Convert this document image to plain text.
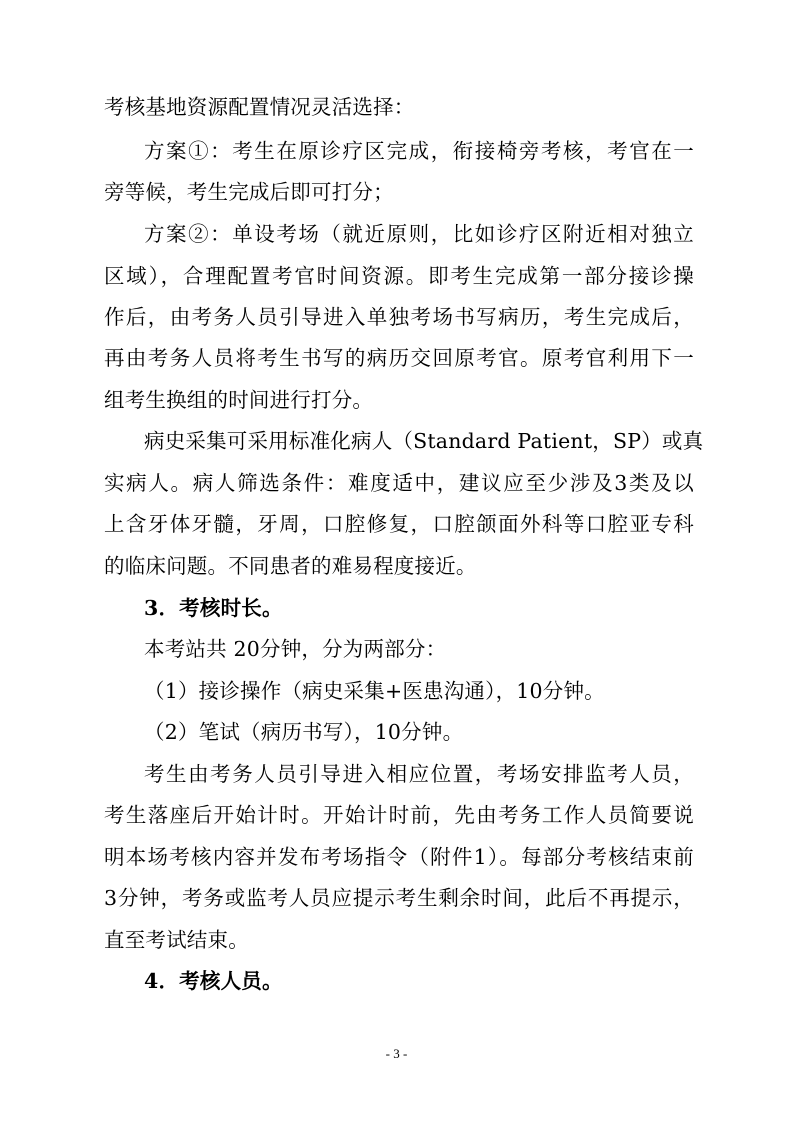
考核基地资源配置情况灵活选择：
方案①：考生在原诊疗区完成，衔接椅旁考核，考官在一
旁等候，考生完成后即可打分；
方案②：单设考场（就近原则，比如诊疗区附近相对独立
区域），合理配置考官时间资源。即考生完成第一部分接诊操
作后，由考务人员引导进入单独考场书写病历，考生完成后，
再由考务人员将考生书写的病历交回原考官。原考官利用下一
组考生换组的时间进行打分。
病史采集可采用标准化病人（Standard Patient，SP）或真
实病人。病人筛选条件：难度适中，建议应至少涉及3类及以
上含牙体牙髓，牙周，口腔修复，口腔颌面外科等口腔亚专科
的临床问题。不同患者的难易程度接近。
3．考核时长。
本考站共 20分钟，分为两部分：
（1）接诊操作（病史采集+医患沟通），10分钟。
（2）笔试（病历书写），10分钟。
考生由考务人员引导进入相应位置，考场安排监考人员，
考生落座后开始计时。开始计时前，先由考务工作人员简要说
明本场考核内容并发布考场指令（附件1）。每部分考核结束前
3分钟，考务或监考人员应提示考生剩余时间，此后不再提示，
直至考试结束。
4．考核人员。
- 3 -
